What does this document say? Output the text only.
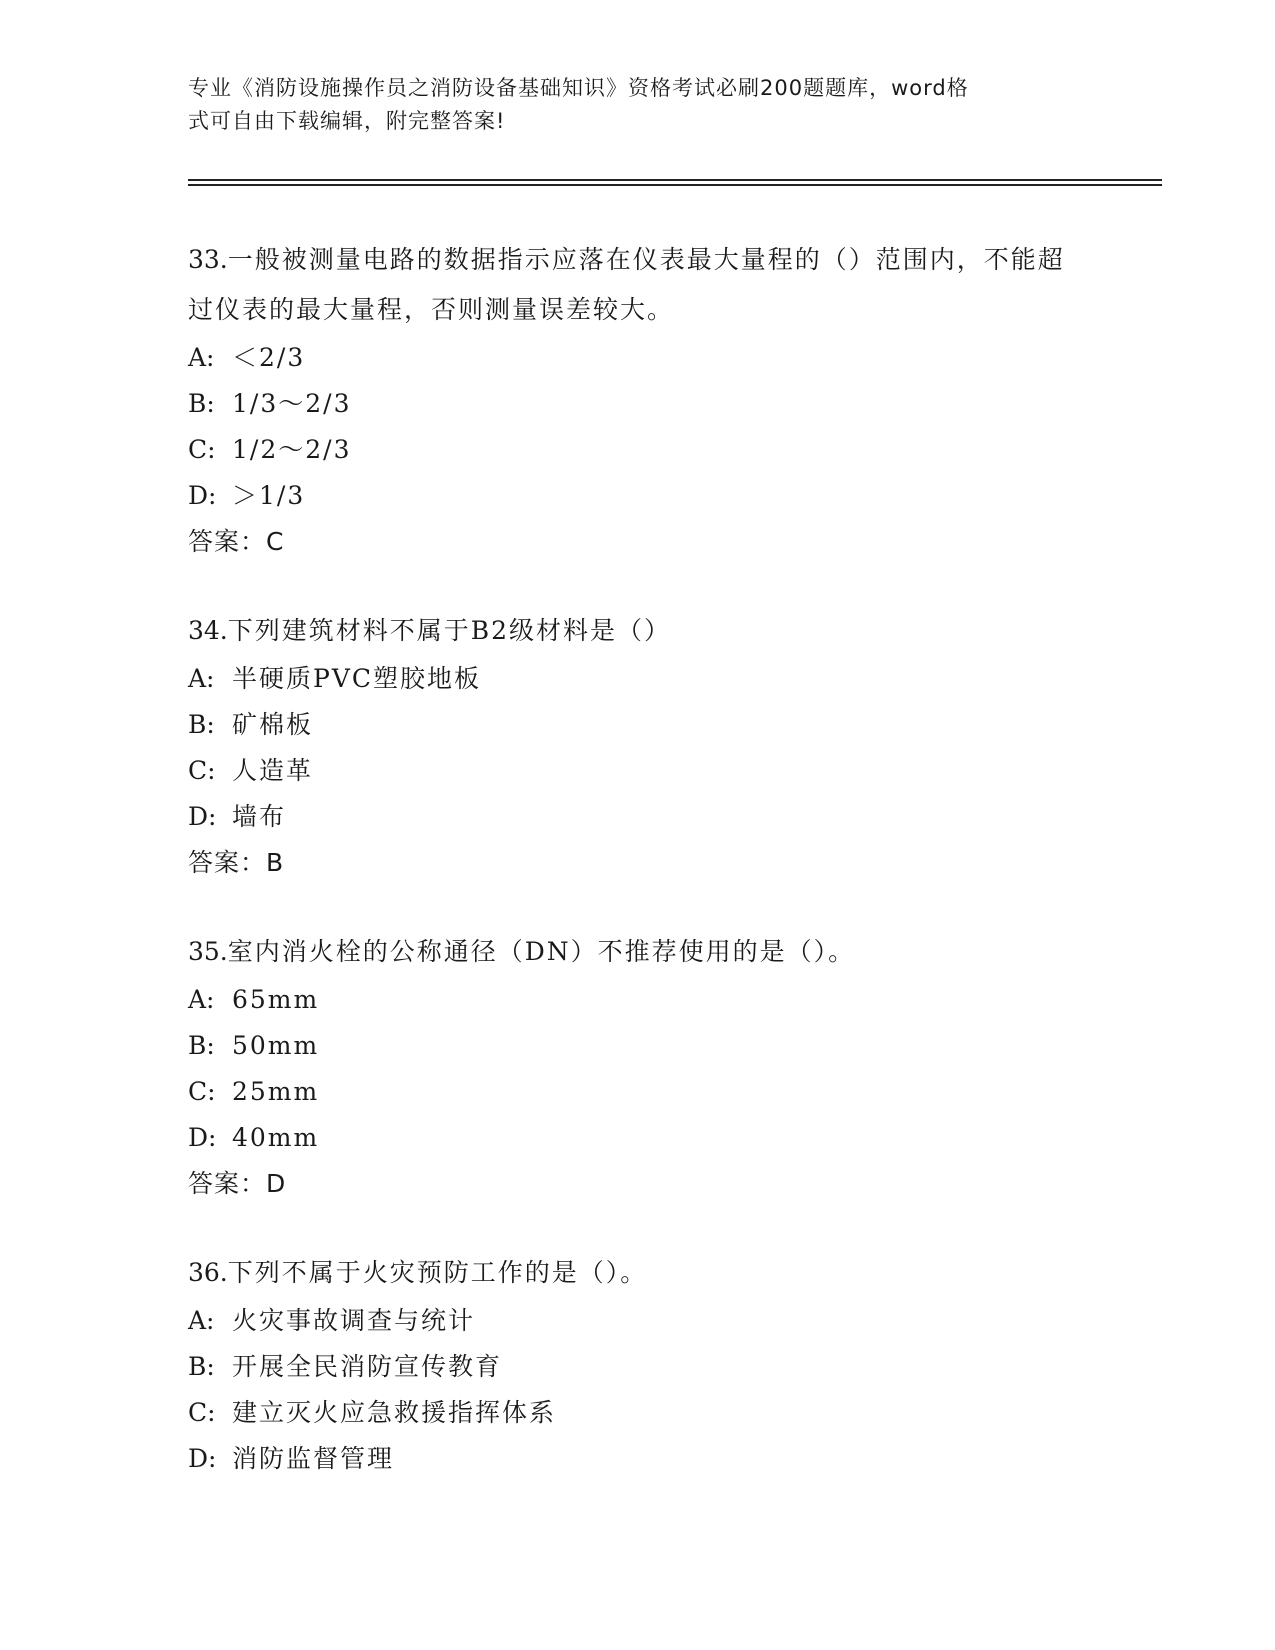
专业《消防设施操作员之消防设备基础知识》资格考试必刷200题题库，word格
式可自由下载编辑，附完整答案!
33.一般被测量电路的数据指示应落在仪表最大量程的（）范围内，不能超过仪表的最大量程，否则测量误差较大。
A: ＜2/3
B: 1/3～2/3
C: 1/2～2/3
D: ＞1/3
答案：C
34.下列建筑材料不属于B2级材料是（）
A: 半硬质PVC塑胶地板
B: 矿棉板
C: 人造革
D: 墙布
答案：B
35.室内消火栓的公称通径（DN）不推荐使用的是（）。
A: 65mm
B: 50mm
C: 25mm
D: 40mm
答案：D
36.下列不属于火灾预防工作的是（）。
A: 火灾事故调查与统计
B: 开展全民消防宣传教育
C: 建立灭火应急救援指挥体系
D: 消防监督管理
